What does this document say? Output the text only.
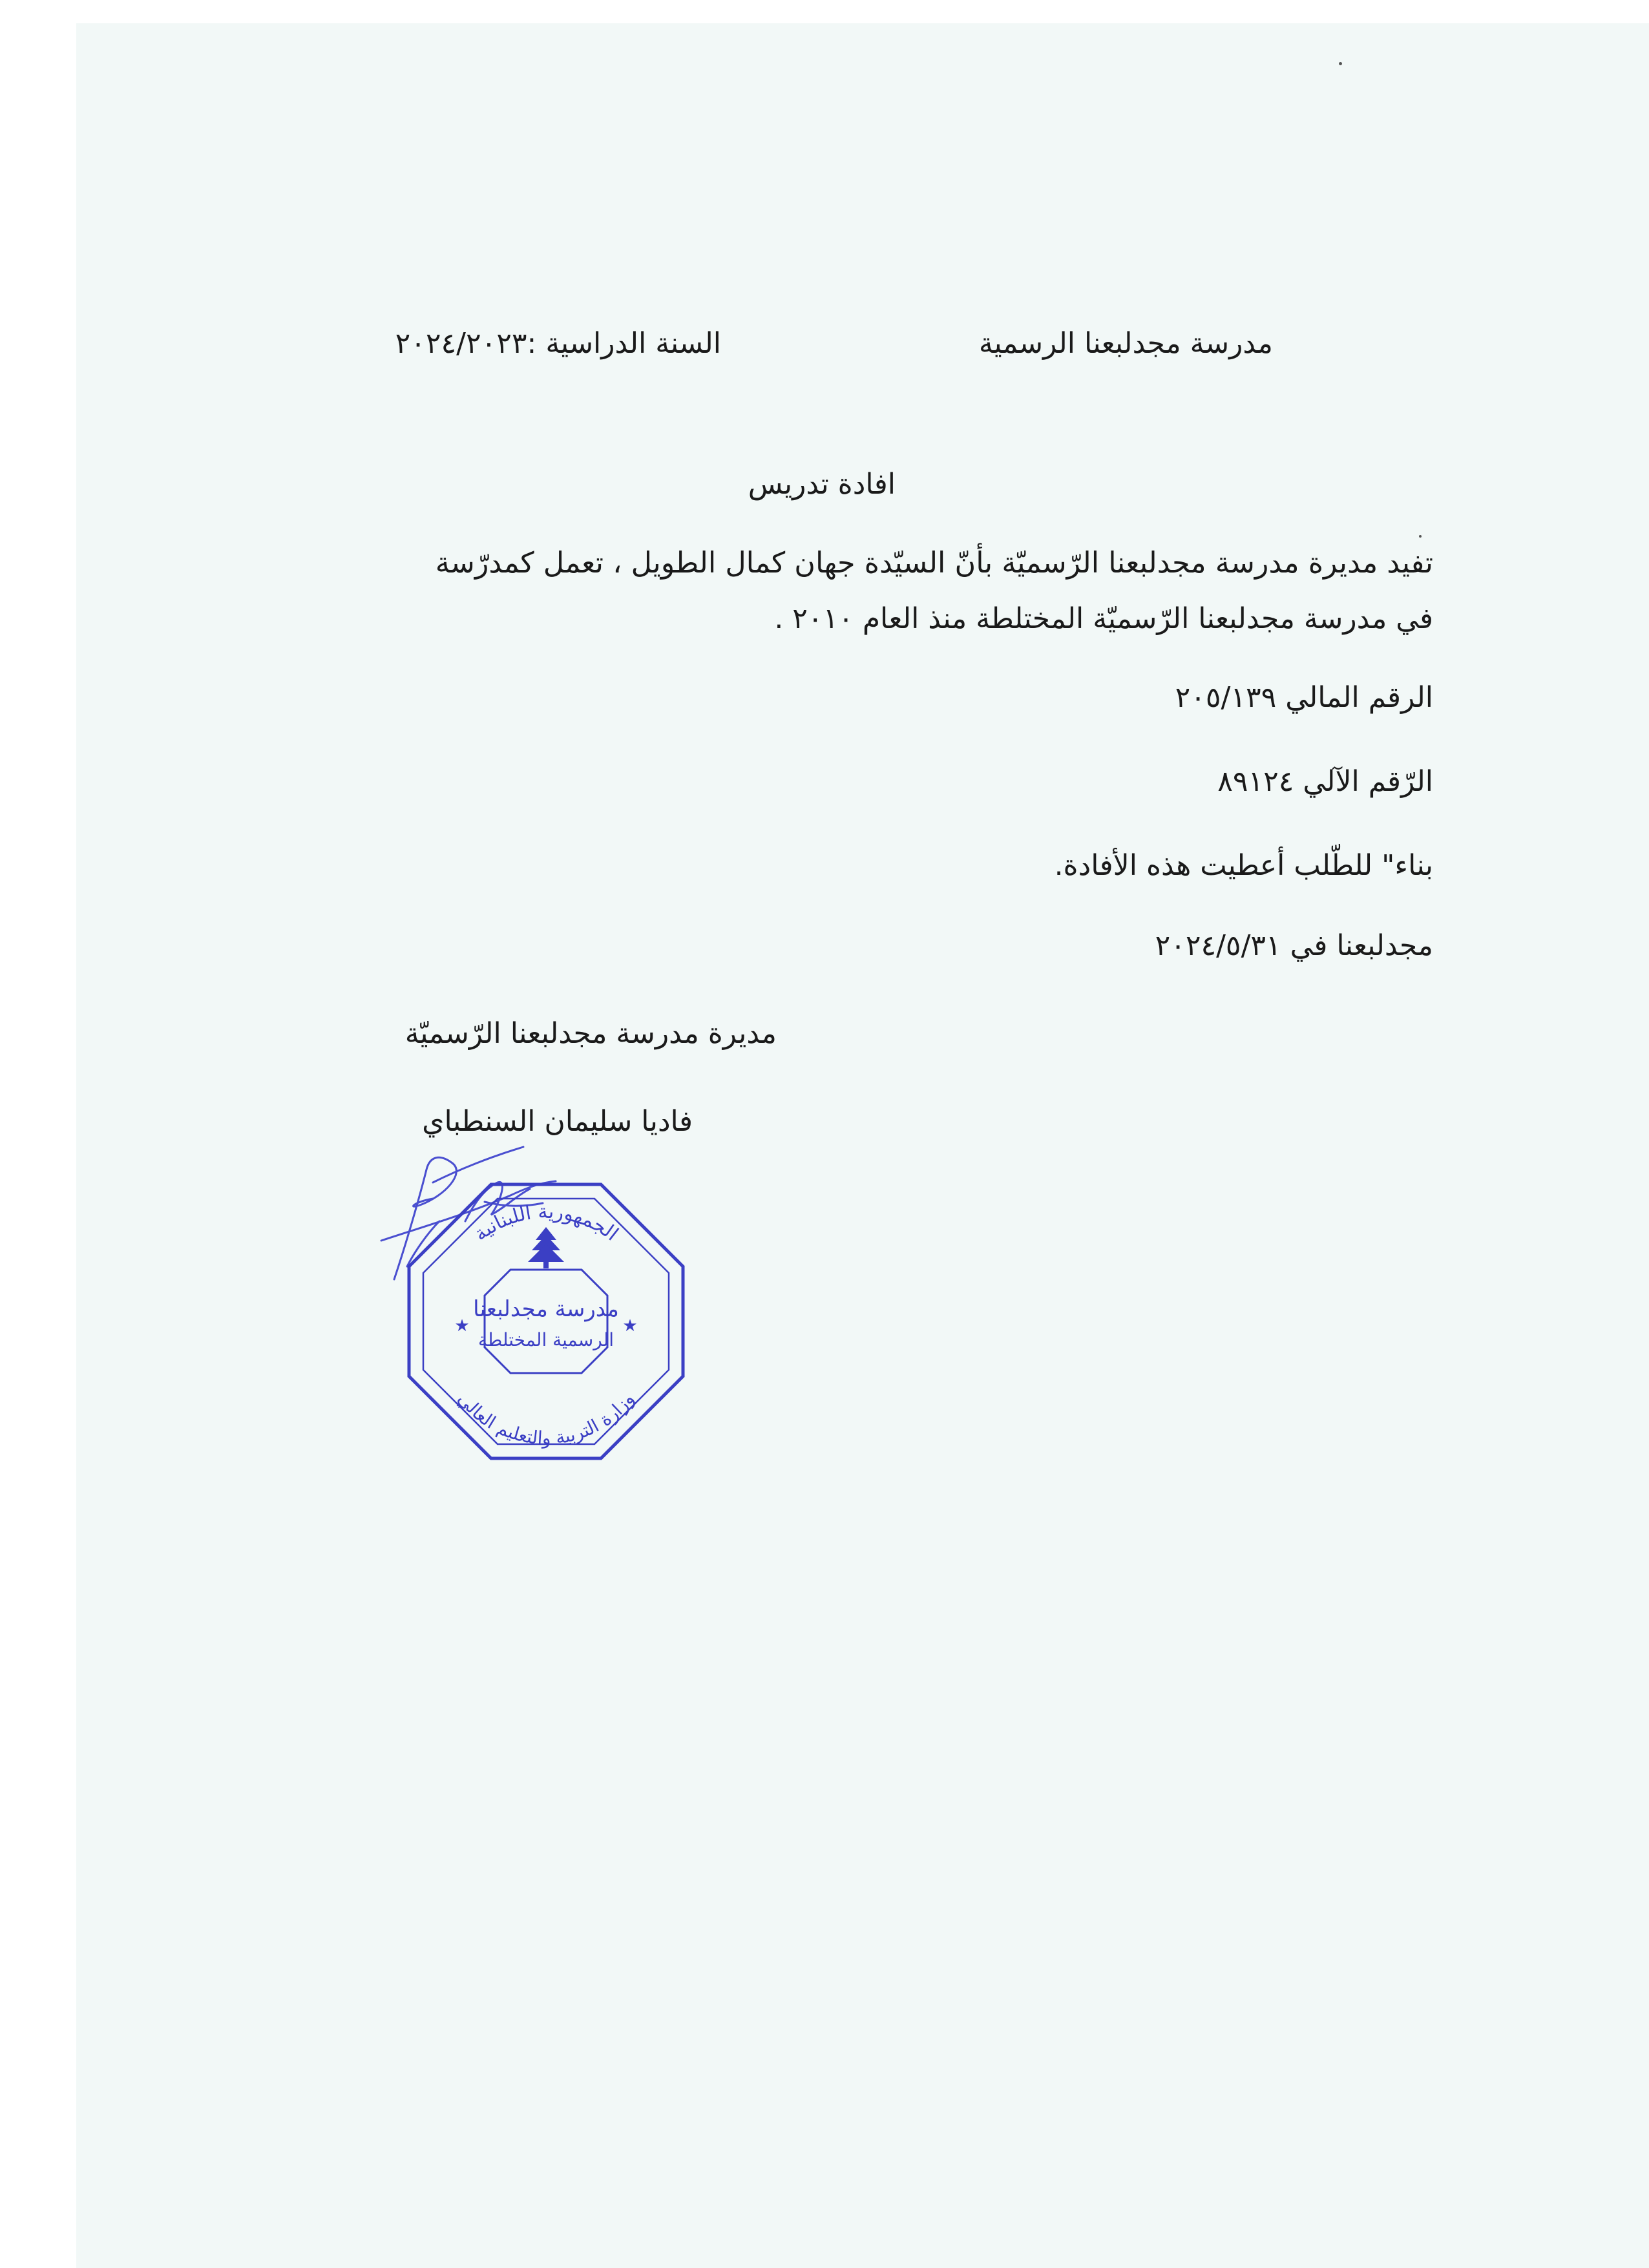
مدرسة مجدلبعنا الرسمية
السنة الدراسية :٢٠٢٤/٢٠٢٣
افادة تدريس
تفيد مديرة مدرسة مجدلبعنا الرّسميّة بأنّ السيّدة جهان كمال الطويل ، تعمل كمدرّسة
في مدرسة مجدلبعنا الرّسميّة المختلطة منذ العام ٢٠١٠ .
الرقم المالي ٢٠٥/١٣٩
الرّقم الآلي ٨٩١٢٤
بناء" للطّلب أعطيت هذه الأفادة.
مجدلبعنا في ٢٠٢٤/٥/٣١
مديرة مدرسة مجدلبعنا الرّسميّة
فاديا سليمان السنطباي
الجمهورية اللبنانية
وزارة التربية والتعليم العالي
مدرسة مجدلبعنا
الرسمية المختلطة
★	★
